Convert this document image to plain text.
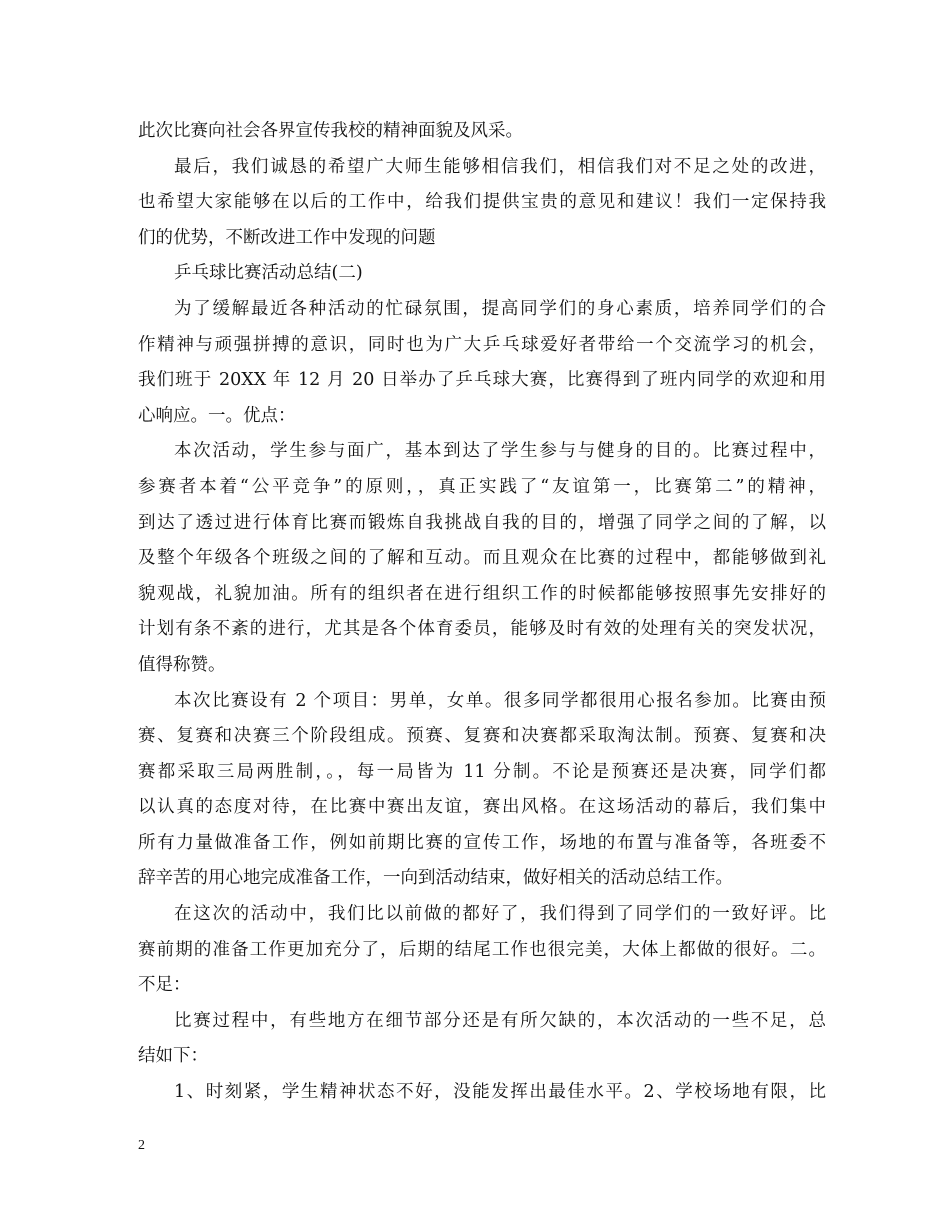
此次比赛向社会各界宣传我校的精神面貌及风采。
最后，我们诚恳的希望广大师生能够相信我们，相信我们对不足之处的改进，
也希望大家能够在以后的工作中，给我们提供宝贵的意见和建议！我们一定保持我
们的优势，不断改进工作中发现的问题
乒乓球比赛活动总结(二)
为了缓解最近各种活动的忙碌氛围，提高同学们的身心素质，培养同学们的合
作精神与顽强拼搏的意识，同时也为广大乒乓球爱好者带给一个交流学习的机会，
我们班于 20XX 年 12 月 20 日举办了乒乓球大赛，比赛得到了班内同学的欢迎和用
心响应。一。优点：
本次活动，学生参与面广，基本到达了学生参与与健身的目的。比赛过程中，
参赛者本着“公平竞争”的原则，，真正实践了“友谊第一，比赛第二”的精神，
到达了透过进行体育比赛而锻炼自我挑战自我的目的，增强了同学之间的了解，以
及整个年级各个班级之间的了解和互动。而且观众在比赛的过程中，都能够做到礼
貌观战，礼貌加油。所有的组织者在进行组织工作的时候都能够按照事先安排好的
计划有条不紊的进行，尤其是各个体育委员，能够及时有效的处理有关的突发状况，
值得称赞。
本次比赛设有 2 个项目：男单，女单。很多同学都很用心报名参加。比赛由预
赛、复赛和决赛三个阶段组成。预赛、复赛和决赛都采取淘汰制。预赛、复赛和决
赛都采取三局两胜制，。，每一局皆为 11 分制。不论是预赛还是决赛，同学们都
以认真的态度对待，在比赛中赛出友谊，赛出风格。在这场活动的幕后，我们集中
所有力量做准备工作，例如前期比赛的宣传工作，场地的布置与准备等，各班委不
辞辛苦的用心地完成准备工作，一向到活动结束，做好相关的活动总结工作。
在这次的活动中，我们比以前做的都好了，我们得到了同学们的一致好评。比
赛前期的准备工作更加充分了，后期的结尾工作也很完美，大体上都做的很好。二。
不足：
比赛过程中，有些地方在细节部分还是有所欠缺的，本次活动的一些不足，总
结如下：
1、时刻紧，学生精神状态不好，没能发挥出最佳水平。2、学校场地有限，比
2
